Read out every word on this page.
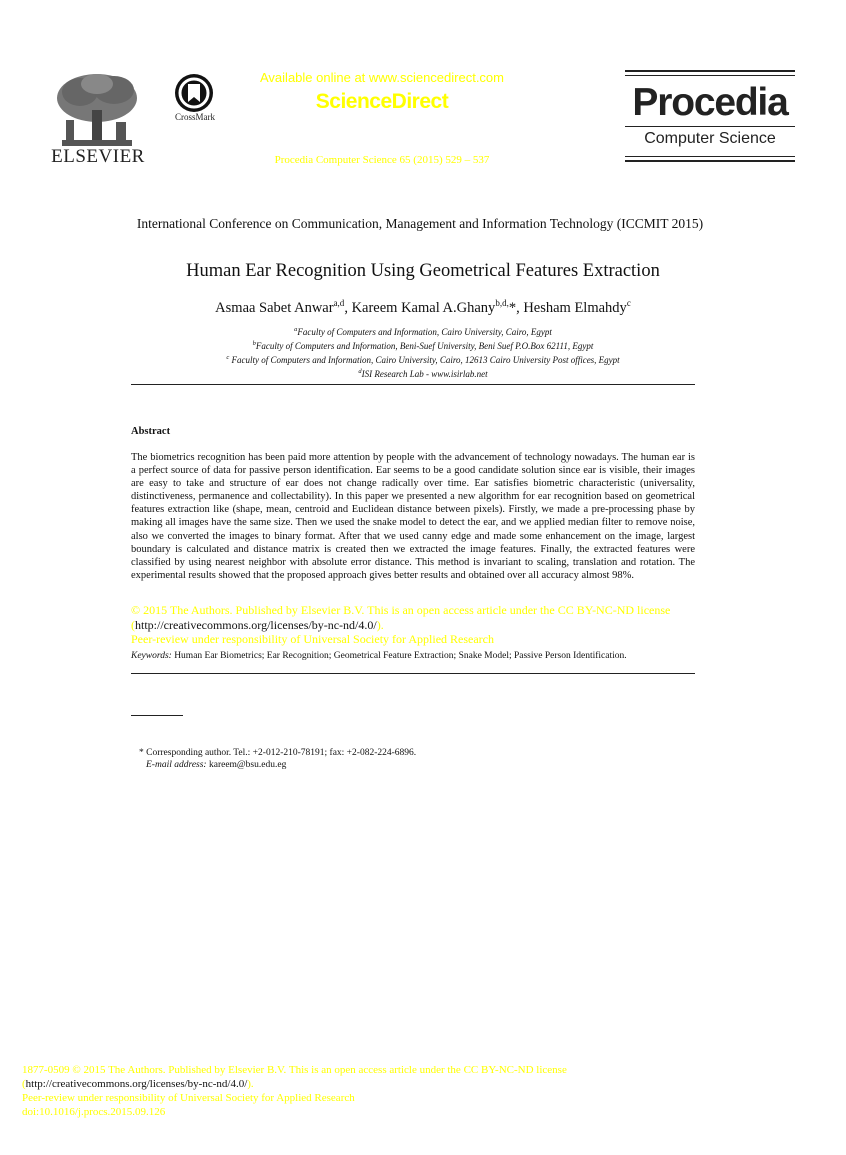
ELSEVIER
CrossMark
Available online at www.sciencedirect.com
ScienceDirect
Procedia Computer Science 65 (2015) 529 – 537
Procedia
Computer Science
International Conference on Communication, Management and Information Technology (ICCMIT 2015)
Human Ear Recognition Using Geometrical Features Extraction
Asmaa Sabet Anwar$^{a,d}$, Kareem Kamal A.Ghany$^{b,d,}$*, Hesham Elmahdy$^c$
$^a$Faculty of Computers and Information, Cairo University, Cairo, Egypt
$^b$Faculty of Computers and Information, Beni-Suef University, Beni Suef P.O.Box 62111, Egypt
$^c$ Faculty of Computers and Information, Cairo University, Cairo, 12613 Cairo University Post offices, Egypt
$^d$ISI Research Lab - www.isirlab.net
Abstract
The biometrics recognition has been paid more attention by people with the advancement of technology nowadays. The human ear is a perfect source of data for passive person identification. Ear seems to be a good candidate solution since ear is visible, their images are easy to take and structure of ear does not change radically over time. Ear satisfies biometric characteristic (universality, distinctiveness, permanence and collectability). In this paper we presented a new algorithm for ear recognition based on geometrical features extraction like (shape, mean, centroid and Euclidean distance between pixels). Firstly, we made a pre-processing phase by making all images have the same size. Then we used the snake model to detect the ear, and we applied median filter to remove noise, also we converted the images to binary format. After that we used canny edge and made some enhancement on the image, largest boundary is calculated and distance matrix is created then we extracted the image features. Finally, the extracted features were classified by using nearest neighbor with absolute error distance. This method is invariant to scaling, translation and rotation. The experimental results showed that the proposed approach gives better results and obtained over all accuracy almost 98%.
© 2015 The Authors. Published by Elsevier B.V. This is an open access article under the CC BY-NC-ND license
(http://creativecommons.org/licenses/by-nc-nd/4.0/).
Peer-review under responsibility of Universal Society for Applied Research
Keywords: Human Ear Biometrics; Ear Recognition; Geometrical Feature Extraction; Snake Model; Passive Person Identification.
* Corresponding author. Tel.: +2-012-210-78191; fax: +2-082-224-6896.
E-mail address: kareem@bsu.edu.eg
1877-0509 © 2015 The Authors. Published by Elsevier B.V. This is an open access article under the CC BY-NC-ND license
(http://creativecommons.org/licenses/by-nc-nd/4.0/).
Peer-review under responsibility of Universal Society for Applied Research
doi:10.1016/j.procs.2015.09.126
